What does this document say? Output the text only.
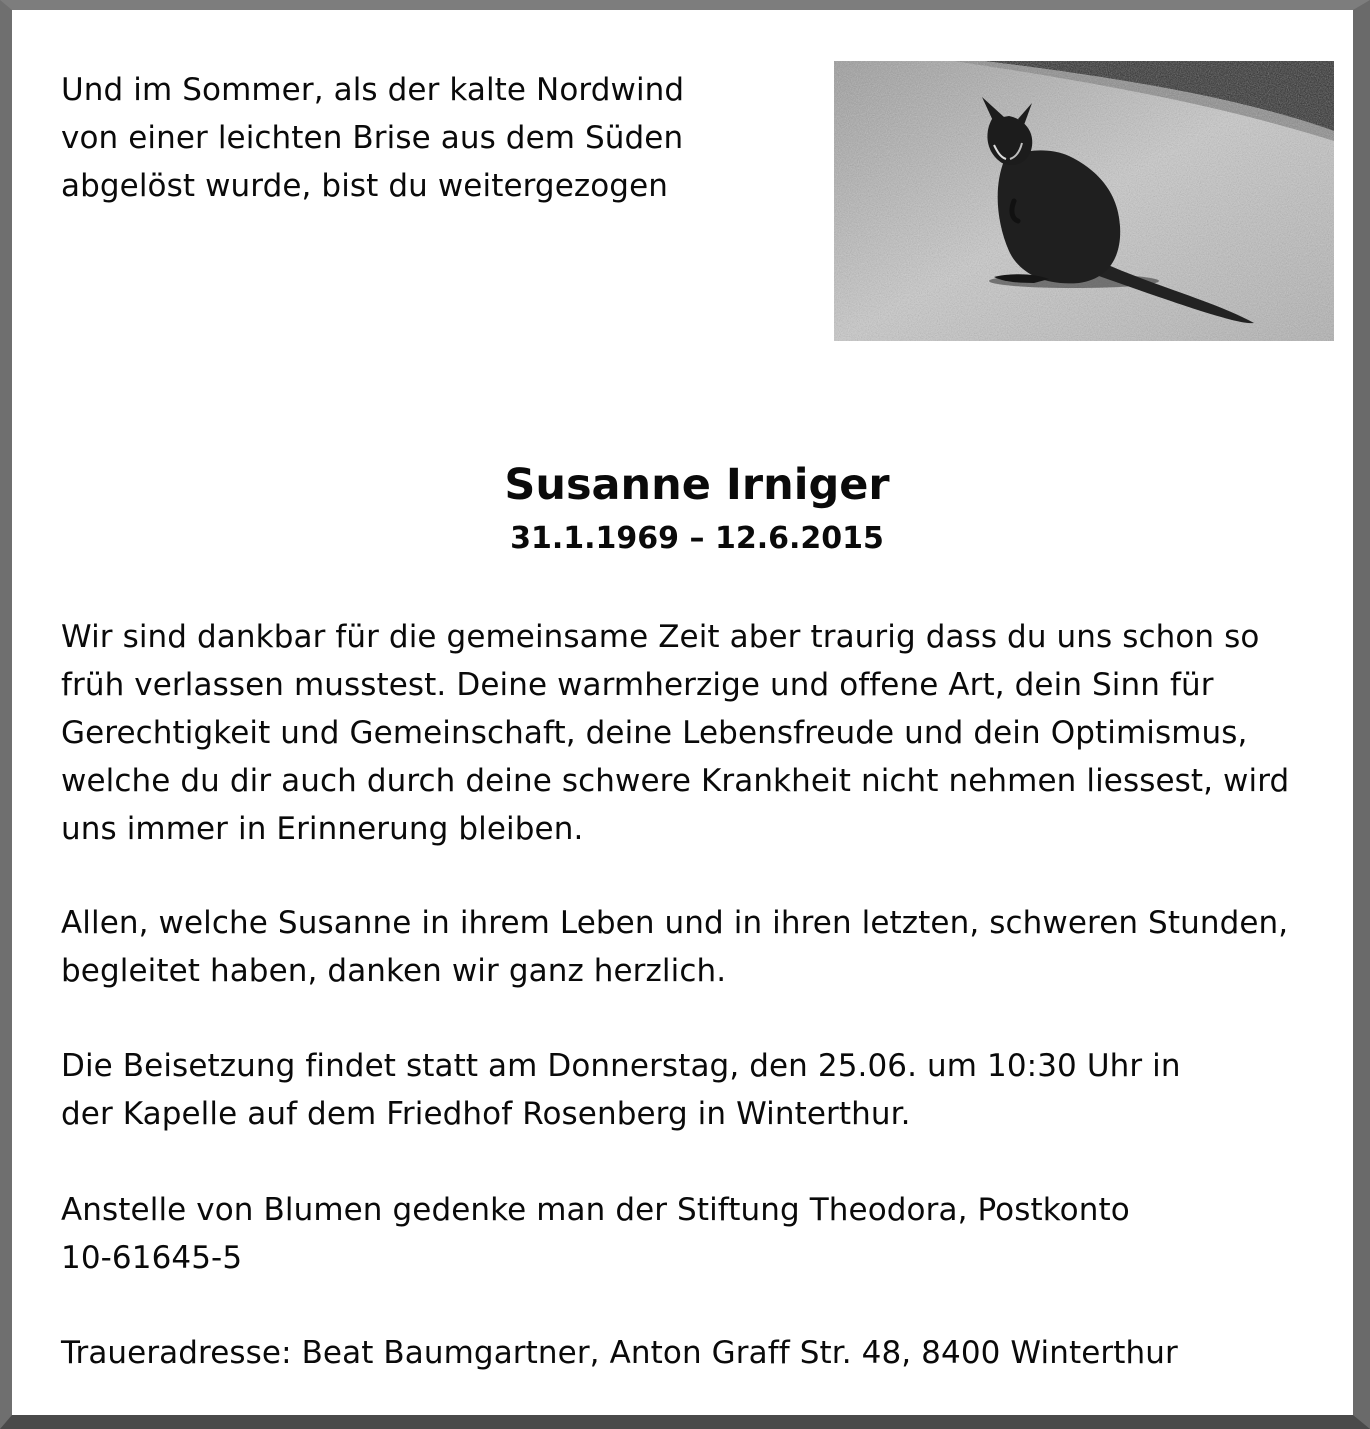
Und im Sommer, als der kalte Nordwind
von einer leichten Brise aus dem Süden
abgelöst wurde, bist du weitergezogen
Susanne Irniger
31.1.1969 – 12.6.2015
Wir sind dankbar für die gemeinsame Zeit aber traurig dass du uns schon so
früh verlassen musstest. Deine warmherzige und offene Art, dein Sinn für
Gerechtigkeit und Gemeinschaft, deine Lebensfreude und dein Optimismus,
welche du dir auch durch deine schwere Krankheit nicht nehmen liessest, wird
uns immer in Erinnerung bleiben.
Allen, welche Susanne in ihrem Leben und in ihren letzten, schweren Stunden,
begleitet haben, danken wir ganz herzlich.
Die Beisetzung findet statt am Donnerstag, den 25.06. um 10:30 Uhr in
der Kapelle auf dem Friedhof Rosenberg in Winterthur.
Anstelle von Blumen gedenke man der Stiftung Theodora, Postkonto
10-61645-5
Traueradresse: Beat Baumgartner, Anton Graff Str. 48, 8400 Winterthur
